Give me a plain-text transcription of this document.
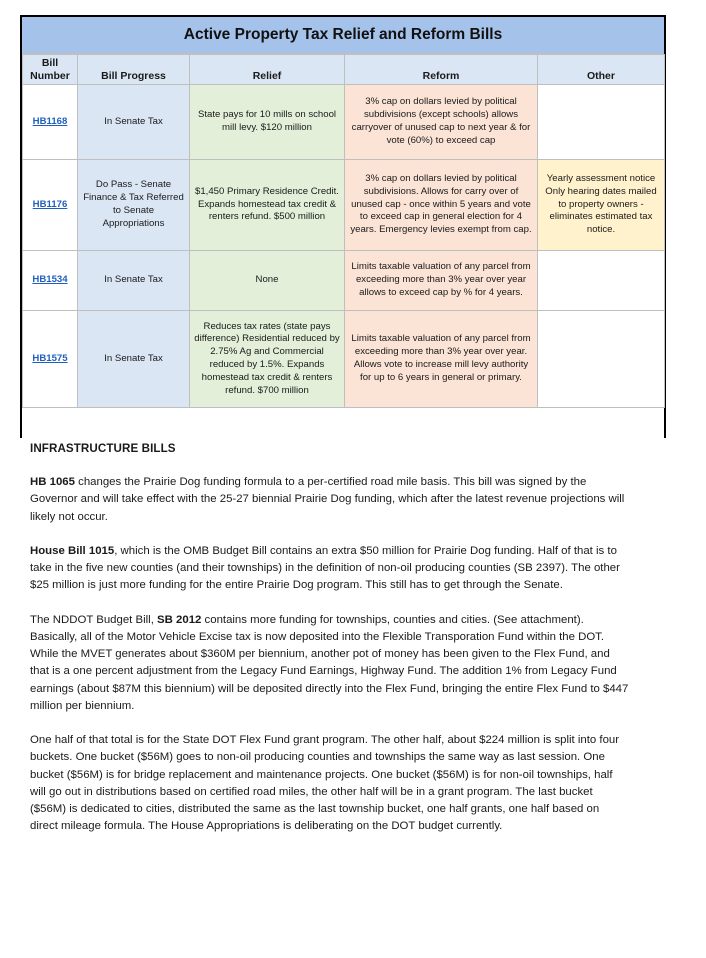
Active Property Tax Relief and Reform Bills
Bill
Number	Bill Progress	Relief	Reform	Other
HB1168	In Senate Tax	State pays for 10 mills on school mill levy. $120 million	3% cap on dollars levied by political subdivisions (except schools) allows carryover of unused cap to next year & for vote (60%) to exceed cap	
HB1176	Do Pass - Senate Finance & Tax Referred to Senate Appropriations	$1,450 Primary Residence Credit. Expands homestead tax credit & renters refund. $500 million	3% cap on dollars levied by political subdivisions. Allows for carry over of unused cap - once within 5 years and vote to exceed cap in general election for 4 years. Emergency levies exempt from cap.	Yearly assessment notice Only hearing dates mailed to property owners - eliminates estimated tax notice.
HB1534	In Senate Tax	None	Limits taxable valuation of any parcel from exceeding more than 3% year over year allows to exceed cap by % for 4 years.	
HB1575	In Senate Tax	Reduces tax rates (state pays difference) Residential reduced by 2.75% Ag and Commercial reduced by 1.5%. Expands homestead tax credit & renters refund. $700 million	Limits taxable valuation of any parcel from exceeding more than 3% year over year. Allows vote to increase mill levy authority for up to 6 years in general or primary.	
INFRASTRUCTURE BILLS

HB 1065 changes the Prairie Dog funding formula to a per-certified road mile basis. This bill was signed by the Governor and will take effect with the 25-27 biennial Prairie Dog funding, which after the latest revenue projections will likely not occur.

House Bill 1015, which is the OMB Budget Bill contains an extra $50 million for Prairie Dog funding. Half of that is to take in the five new counties (and their townships) in the definition of non-oil producing counties (SB 2397). The other $25 million is just more funding for the entire Prairie Dog program. This still has to get through the Senate.

The NDDOT Budget Bill, SB 2012 contains more funding for townships, counties and cities. (See attachment). Basically, all of the Motor Vehicle Excise tax is now deposited into the Flexible Transporation Fund within the DOT. While the MVET generates about $360M per biennium, another pot of money has been given to the Flex Fund, and that is a one percent adjustment from the Legacy Fund Earnings, Highway Fund. The addition 1% from Legacy Fund earnings (about $87M this biennium) will be deposited directly into the Flex Fund, bringing the entire Flex Fund to $447 million per biennium.

One half of that total is for the State DOT Flex Fund grant program. The other half, about $224 million is split into four buckets. One bucket ($56M) goes to non-oil producing counties and townships the same way as last session. One bucket ($56M) is for bridge replacement and maintenance projects. One bucket ($56M) is for non-oil townships, half will go out in distributions based on certified road miles, the other half will be in a grant program. The last bucket ($56M) is dedicated to cities, distributed the same as the last township bucket, one half grants, one half based on direct mileage formula. The House Appropriations is deliberating on the DOT budget currently.
